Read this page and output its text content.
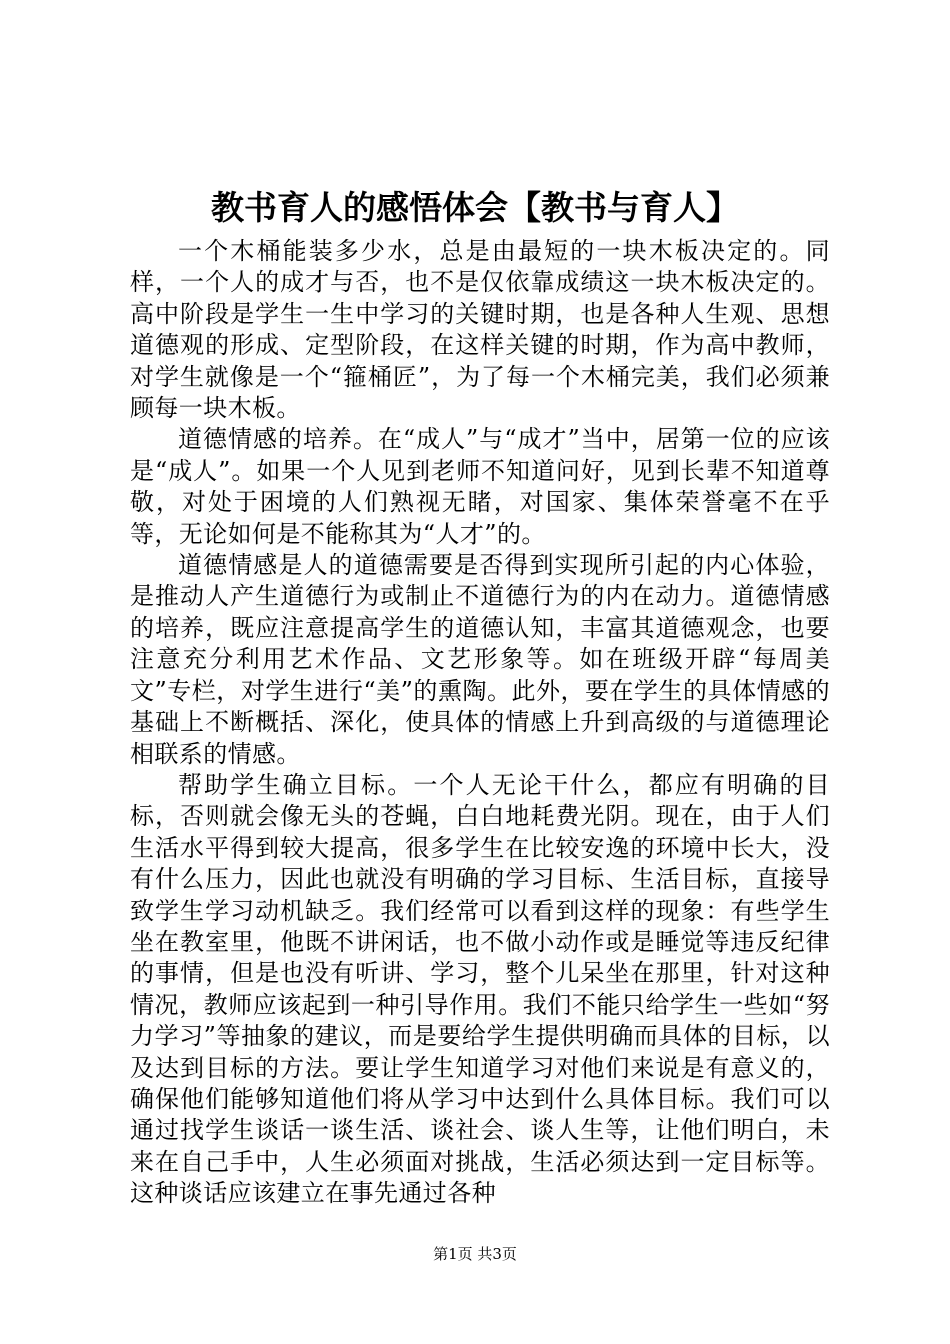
教书育人的感悟体会【教书与育人】

一个木桶能装多少水，总是由最短的一块木板决定的。同样，一个人的成才与否，也不是仅依靠成绩这一块木板决定的。高中阶段是学生一生中学习的关键时期，也是各种人生观、思想道德观的形成、定型阶段，在这样关键的时期，作为高中教师，对学生就像是一个“箍桶匠”，为了每一个木桶完美，我们必须兼顾每一块木板。

道德情感的培养。在“成人”与“成才”当中，居第一位的应该是“成人”。如果一个人见到老师不知道问好，见到长辈不知道尊敬，对处于困境的人们熟视无睹，对国家、集体荣誉毫不在乎等，无论如何是不能称其为“人才”的。

道德情感是人的道德需要是否得到实现所引起的内心体验，是推动人产生道德行为或制止不道德行为的内在动力。道德情感的培养，既应注意提高学生的道德认知，丰富其道德观念，也要注意充分利用艺术作品、文艺形象等。如在班级开辟“每周美文”专栏，对学生进行“美”的熏陶。此外，要在学生的具体情感的基础上不断概括、深化，使具体的情感上升到高级的与道德理论相联系的情感。

帮助学生确立目标。一个人无论干什么，都应有明确的目标，否则就会像无头的苍蝇，白白地耗费光阴。现在，由于人们生活水平得到较大提高，很多学生在比较安逸的环境中长大，没有什么压力，因此也就没有明确的学习目标、生活目标，直接导致学生学习动机缺乏。我们经常可以看到这样的现象：有些学生坐在教室里，他既不讲闲话，也不做小动作或是睡觉等违反纪律的事情，但是也没有听讲、学习，整个儿呆坐在那里，针对这种情况，教师应该起到一种引导作用。我们不能只给学生一些如“努力学习”等抽象的建议，而是要给学生提供明确而具体的目标，以及达到目标的方法。要让学生知道学习对他们来说是有意义的，确保他们能够知道他们将从学习中达到什么具体目标。我们可以通过找学生谈话一谈生活、谈社会、谈人生等，让他们明白，未来在自己手中，人生必须面对挑战，生活必须达到一定目标等。这种谈话应该建立在事先通过各种

第1页 共3页
